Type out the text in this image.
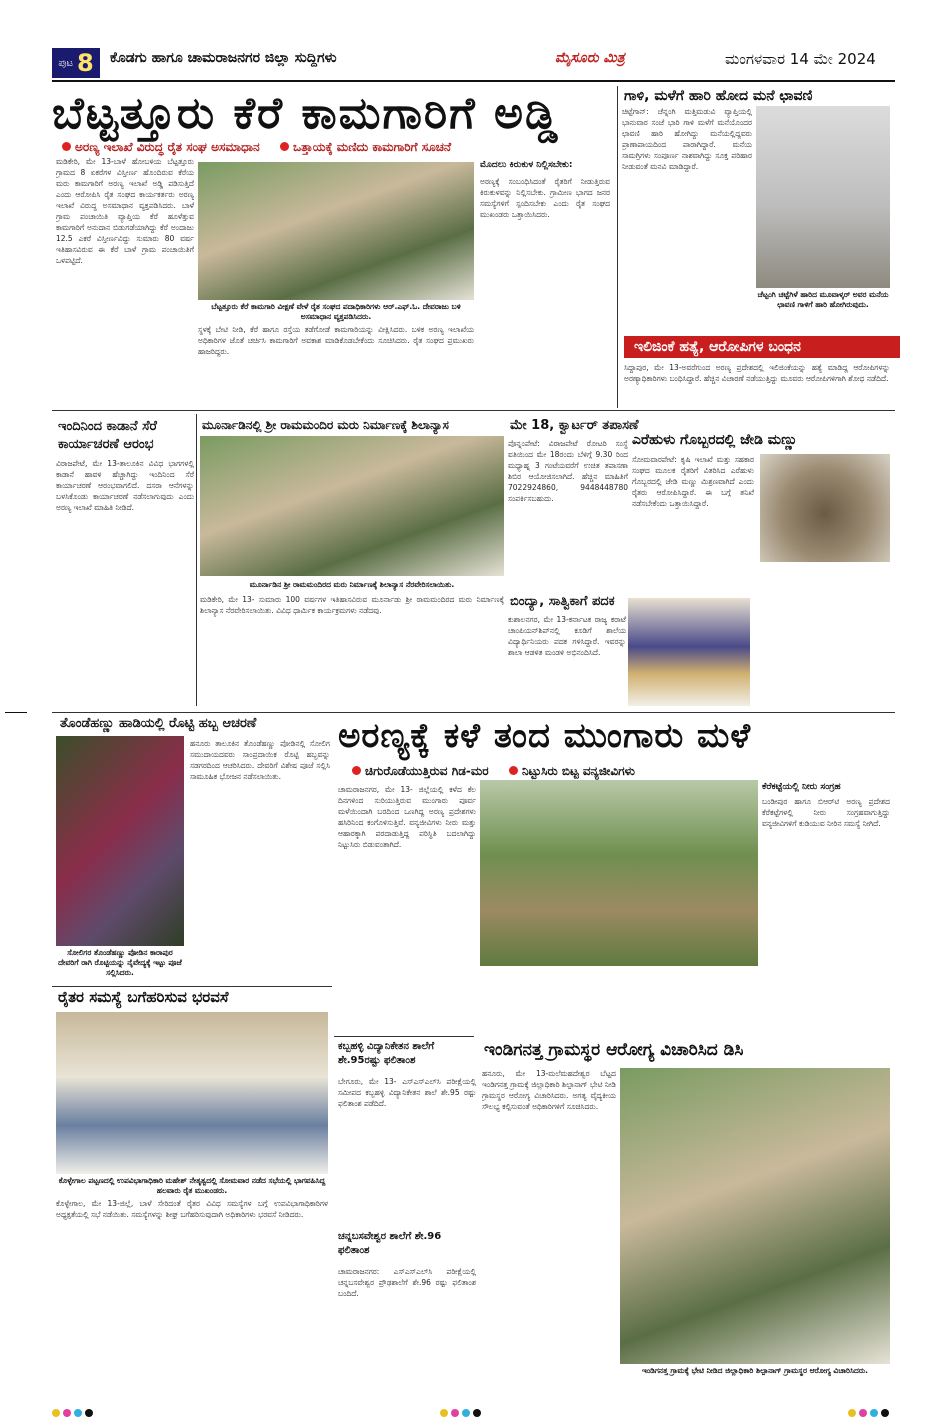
ಪುಟ 8 ಕೊಡಗು ಹಾಗೂ ಚಾಮರಾಜನಗರ ಜಿಲ್ಲಾ ಸುದ್ದಿಗಳು	ಮೈಸೂರು ಮಿತ್ರ	ಮಂಗಳವಾರ 14 ಮೇ 2024
ಬೆಟ್ಟತ್ತೂರು ಕೆರೆ ಕಾಮಗಾರಿಗೆ ಅಡ್ಡಿ
ಅರಣ್ಯ ಇಲಾಖೆ ವಿರುದ್ಧ ರೈತ ಸಂಘ ಅಸಮಾಧಾನ	ಒತ್ತಾಯಕ್ಕೆ ಮಣಿದು ಕಾಮಗಾರಿಗೆ ಸೂಚನೆ
ಮಡಿಕೇರಿ, ಮೇ 13-ಬಾಳೆ ಹೋಬಳಿಯ ಬೆಟ್ಟತ್ತೂರು ಗ್ರಾಮದ 8 ಏಕರೆಗಳ ವಿಸ್ತೀರ್ಣ ಹೊಂದಿರುವ ಕೆರೆಯ ಮರು ಕಾಮಗಾರಿಗೆ ಅರಣ್ಯ ಇಲಾಖೆ ಅಡ್ಡಿ ಪಡಿಸುತ್ತಿದೆ ಎಂದು ಆರೋಪಿಸಿ ರೈತ ಸಂಘದ ಕಾರ್ಯಕರ್ತರು ಅರಣ್ಯ ಇಲಾಖೆ ವಿರುದ್ಧ ಅಸಮಾಧಾನ ವ್ಯಕ್ತಪಡಿಸಿದರು. ಬಾಳೆ ಗ್ರಾಮ ಪಂಚಾಯಿತಿ ವ್ಯಾಪ್ತಿಯ ಕೆರೆ ಹೂಳೆತ್ತುವ ಕಾಮಗಾರಿಗೆ ಅನುದಾನ ಬಿಡುಗಡೆಯಾಗಿದ್ದು ಕೆರೆ ಅಂದಾಜು 12.5 ಎಕರೆ ವಿಸ್ತೀರ್ಣವಿದ್ದು ಸುಮಾರು 80 ವರ್ಷ ಇತಿಹಾಸವಿರುವ ಈ ಕೆರೆ ಬಾಳೆ ಗ್ರಾಮ ಪಂಚಾಯಿತಿಗೆ ಒಳಪಟ್ಟಿದೆ.
ಬೆಟ್ಟತ್ತೂರು ಕೆರೆ ಕಾಮಗಾರಿ ವೀಕ್ಷಣೆ ವೇಳೆ ರೈತ ಸಂಘದ ಪದಾಧಿಕಾರಿಗಳು ಆರ್.ಎಫ್.ಓ. ದೇವರಾಜು ಬಳಿ ಅಸಮಾಧಾನ ವ್ಯಕ್ತಪಡಿಸಿದರು.
ಸ್ಥಳಕ್ಕೆ ಬೇಟಿ ನೀಡಿ, ಕೆರೆ ಹಾಗೂ ರಸ್ತೆಯ ತಡೆಗೋಡೆ ಕಾಮಗಾರಿಯನ್ನು ವೀಕ್ಷಿಸಿದರು. ಬಳಿಕ ಅರಣ್ಯ ಇಲಾಖೆಯ ಅಧಿಕಾರಿಗಳ ಜೊತೆ ಚರ್ಚಿಸಿ ಕಾಮಗಾರಿಗೆ ಅವಕಾಶ ಮಾಡಿಕೊಡಬೇಕೆಂದು ಸೂಚಿಸಿದರು. ರೈತ ಸಂಘದ ಪ್ರಮುಖರು ಹಾಜರಿದ್ದರು.
ಮೊದಲು ಕಿರುಕುಳ ನಿಲ್ಲಿಸಬೇಕು:
ಅರಣ್ಯಕ್ಕೆ ಸಂಬಂಧಿಸಿದಂತೆ ರೈತರಿಗೆ ನೀಡುತ್ತಿರುವ ಕಿರುಕುಳವನ್ನು ನಿಲ್ಲಿಸಬೇಕು. ಗ್ರಾಮೀಣ ಭಾಗದ ಜನರ ಸಮಸ್ಯೆಗಳಿಗೆ ಸ್ಪಂದಿಸಬೇಕು ಎಂದು ರೈತ ಸಂಘದ ಮುಖಂಡರು ಒತ್ತಾಯಿಸಿದರು.
ಗಾಳಿ, ಮಳೆಗೆ ಹಾರಿ ಹೋದ ಮನೆ ಛಾವಣಿ
ಚಿಟ್ಟೆಗಾನ್: ಚೆನ್ನಂಗಿ ಮತ್ತಿಮಡುವಿ ವ್ಯಾಪ್ತಿಯಲ್ಲಿ ಭಾನುವಾರ ಸಂಜೆ ಭಾರಿ ಗಾಳಿ ಮಳೆಗೆ ಮನೆಯೊಂದರ ಛಾವಣಿ ಹಾರಿ ಹೋಗಿದ್ದು ಮನೆಯಲ್ಲಿದ್ದವರು ಪ್ರಾಣಾಪಾಯದಿಂದ ಪಾರಾಗಿದ್ದಾರೆ. ಮನೆಯ ಸಾಮಗ್ರಿಗಳು ಸಂಪೂರ್ಣ ನಾಶವಾಗಿದ್ದು ಸೂಕ್ತ ಪರಿಹಾರ ನೀಡುವಂತೆ ಮನವಿ ಮಾಡಿದ್ದಾರೆ.
ಚೆಟ್ಟಂಗಿ ಚಟ್ಟೆಗಿಳೆ ಹಾರಿದ ಮೂವಾಳ್ಕರ್ ಅವರ ಮನೆಯ ಛಾವಣಿ ಗಾಳಿಗೆ ಹಾರಿ ಹೋಗಿರುವುದು.
ಇಲಿಜಿಂಕೆ ಹತ್ಯೆ, ಆರೋಪಿಗಳ ಬಂಧನ
ಸಿದ್ದಾಪುರ, ಮೇ 13-ಅವರೆಗುಂದ ಅರಣ್ಯ ಪ್ರದೇಶದಲ್ಲಿ ಇಲಿಜಿಂಕೆಯನ್ನು ಹತ್ಯೆ ಮಾಡಿದ್ದ ಆರೋಪಿಗಳನ್ನು ಅರಣ್ಯಾಧಿಕಾರಿಗಳು ಬಂಧಿಸಿದ್ದಾರೆ. ಹೆಚ್ಚಿನ ವಿಚಾರಣೆ ನಡೆಯುತ್ತಿದ್ದು ಮೂವರು ಆರೋಪಿಗಳಿಗಾಗಿ ಶೋಧ ನಡೆದಿದೆ.
ಇಂದಿನಿಂದ ಕಾಡಾನೆ ಸೆರೆ ಕಾರ್ಯಾಚರಣೆ ಆರಂಭ
ವಿರಾಜಪೇಟೆ, ಮೇ 13-ತಾಲೂಕಿನ ವಿವಿಧ ಭಾಗಗಳಲ್ಲಿ ಕಾಡಾನೆ ಹಾವಳಿ ಹೆಚ್ಚಾಗಿದ್ದು ಇಂದಿನಿಂದ ಸೆರೆ ಕಾರ್ಯಾಚರಣೆ ಆರಂಭವಾಗಲಿದೆ. ದಸರಾ ಆನೆಗಳನ್ನು ಬಳಸಿಕೊಂಡು ಕಾರ್ಯಾಚರಣೆ ನಡೆಸಲಾಗುವುದು ಎಂದು ಅರಣ್ಯ ಇಲಾಖೆ ಮಾಹಿತಿ ನೀಡಿದೆ.
ಮೂರ್ನಾಡಿನಲ್ಲಿ ಶ್ರೀ ರಾಮಮಂದಿರ ಮರು ನಿರ್ಮಾಣಕ್ಕೆ ಶಿಲಾನ್ಯಾಸ
ಮೂರ್ನಾಡಿನ ಶ್ರೀ ರಾಮಮಂದಿರದ ಮರು ನಿರ್ಮಾಣಕ್ಕೆ ಶಿಲಾನ್ಯಾಸ ನೆರವೇರಿಸಲಾಯಿತು.
ಮಡಿಕೇರಿ, ಮೇ 13- ಸುಮಾರು 100 ವರ್ಷಗಳ ಇತಿಹಾಸವಿರುವ ಮೂರ್ನಾಡು ಶ್ರೀ ರಾಮಮಂದಿರದ ಮರು ನಿರ್ಮಾಣಕ್ಕೆ ಶಿಲಾನ್ಯಾಸ ನೆರವೇರಿಸಲಾಯಿತು. ವಿವಿಧ ಧಾರ್ಮಿಕ ಕಾರ್ಯಕ್ರಮಗಳು ನಡೆದವು.
ಮೇ 18, ಕ್ವಾರ್ಟರ್ ತಪಾಸಣೆ
ಪೊನ್ನಂಪೇಟೆ: ವಿರಾಜಪೇಟೆ ರೋಟರಿ ಸಂಸ್ಥೆ ವತಿಯಿಂದ ಮೇ 18ರಂದು ಬೆಳಿಗ್ಗೆ 9.30 ರಿಂದ ಮಧ್ಯಾಹ್ನ 3 ಗಂಟೆಯವರೆಗೆ ಉಚಿತ ತಪಾಸಣಾ ಶಿಬಿರ ಆಯೋಜಿಸಲಾಗಿದೆ. ಹೆಚ್ಚಿನ ಮಾಹಿತಿಗೆ 7022924860, 9448448780 ಸಂಪರ್ಕಿಸಬಹುದು.
ಎರೆಹುಳು ಗೊಬ್ಬರದಲ್ಲಿ ಜೇಡಿ ಮಣ್ಣು
ಸೋಮವಾರಪೇಟೆ: ಕೃಷಿ ಇಲಾಖೆ ಮತ್ತು ಸಹಕಾರ ಸಂಘದ ಮೂಲಕ ರೈತರಿಗೆ ವಿತರಿಸಿದ ಎರೆಹುಳು ಗೊಬ್ಬರದಲ್ಲಿ ಜೇಡಿ ಮಣ್ಣು ಮಿಶ್ರಣವಾಗಿದೆ ಎಂದು ರೈತರು ಆರೋಪಿಸಿದ್ದಾರೆ. ಈ ಬಗ್ಗೆ ತನಿಖೆ ನಡೆಸಬೇಕೆಂದು ಒತ್ತಾಯಿಸಿದ್ದಾರೆ.
ಬಿಂದ್ಯಾ, ಸಾತ್ವಿಕಾಗೆ ಪದಕ
ಕುಶಾಲನಗರ, ಮೇ 13-ಕರ್ನಾಟಕ ರಾಜ್ಯ ಕರಾಟೆ ಚಾಂಪಿಯನ್‌ಶಿಪ್‌ನಲ್ಲಿ ಕೂಡಿಗೆ ಶಾಲೆಯ ವಿದ್ಯಾರ್ಥಿನಿಯರು ಪದಕ ಗಳಿಸಿದ್ದಾರೆ. ಇವರನ್ನು ಶಾಲಾ ಆಡಳಿತ ಮಂಡಳಿ ಅಭಿನಂದಿಸಿದೆ.
ತೊಂಡೆಹಣ್ಣು ಹಾಡಿಯಲ್ಲಿ ರೊಟ್ಟಿ ಹಬ್ಬ ಆಚರಣೆ
ಸೋಲಿಗರ ತೊಂಡೆಹಣ್ಣು ಪೋಡಿನ ಕಾರಾಪುರ ದೇವರಿಗೆ ರಾಗಿ ರೊಟ್ಟಿಯನ್ನು ನೈವೇದ್ಯಕ್ಕೆ ಇಟ್ಟು ಪೂಜೆ ಸಲ್ಲಿಸಿದರು.
ಹನೂರು ತಾಲೂಕಿನ ತೊಂಡೆಹಣ್ಣು ಪೋಡಿನಲ್ಲಿ ಸೋಲಿಗ ಸಮುದಾಯದವರು ಸಾಂಪ್ರದಾಯಿಕ ರೊಟ್ಟಿ ಹಬ್ಬವನ್ನು ಸಡಗರದಿಂದ ಆಚರಿಸಿದರು. ದೇವರಿಗೆ ವಿಶೇಷ ಪೂಜೆ ಸಲ್ಲಿಸಿ ಸಾಮೂಹಿಕ ಭೋಜನ ನಡೆಸಲಾಯಿತು.
ಅರಣ್ಯಕ್ಕೆ ಕಳೆ ತಂದ ಮುಂಗಾರು ಮಳೆ
ಚಿಗುರೊಡೆಯುತ್ತಿರುವ ಗಿಡ-ಮರ	ನಿಟ್ಟುಸಿರು ಬಿಟ್ಟ ವನ್ಯಜೀವಿಗಳು
ಚಾಮರಾಜನಗರ, ಮೇ 13- ಜಿಲ್ಲೆಯಲ್ಲಿ ಕಳೆದ ಕೆಲ ದಿನಗಳಿಂದ ಸುರಿಯುತ್ತಿರುವ ಮುಂಗಾರು ಪೂರ್ವ ಮಳೆಯಿಂದಾಗಿ ಬರದಿಂದ ಒಣಗಿದ್ದ ಅರಣ್ಯ ಪ್ರದೇಶಗಳು ಹಸಿರಿನಿಂದ ಕಂಗೊಳಿಸುತ್ತಿವೆ. ವನ್ಯಜೀವಿಗಳು ನೀರು ಮತ್ತು ಆಹಾರಕ್ಕಾಗಿ ಪರದಾಡುತ್ತಿದ್ದ ಪರಿಸ್ಥಿತಿ ಬದಲಾಗಿದ್ದು ನಿಟ್ಟುಸಿರು ಬಿಡುವಂತಾಗಿದೆ.
ಕೆರೆಕಟ್ಟೆಯಲ್ಲಿ ನೀರು ಸಂಗ್ರಹ
ಬಂಡೀಪುರ ಹಾಗೂ ಬಿಆರ್‌ಟಿ ಅರಣ್ಯ ಪ್ರದೇಶದ ಕೆರೆಕಟ್ಟೆಗಳಲ್ಲಿ ನೀರು ಸಂಗ್ರಹವಾಗುತ್ತಿದ್ದು ವನ್ಯಜೀವಿಗಳಿಗೆ ಕುಡಿಯುವ ನೀರಿನ ಸಮಸ್ಯೆ ನೀಗಿದೆ.
ರೈತರ ಸಮಸ್ಯೆ ಬಗೆಹರಿಸುವ ಭರವಸೆ
ಕೊಳ್ಳೇಗಾಲ ಪಟ್ಟಣದಲ್ಲಿ ಉಪವಿಭಾಗಾಧಿಕಾರಿ ಮಹೇಶ್ ನೇತೃತ್ವದಲ್ಲಿ ಸೋಮವಾರ ನಡೆದ ಸಭೆಯಲ್ಲಿ ಭಾಗವಹಿಸಿದ್ದ ಹಲವಾರು ರೈತ ಮುಖಂಡರು.
ಕೊಳ್ಳೇಗಾಲ, ಮೇ 13-ಜಿಲ್ಲೆ, ಬಾಳೆ ಸೇರಿದಂತೆ ರೈತರ ವಿವಿಧ ಸಮಸ್ಯೆಗಳ ಬಗ್ಗೆ ಉಪವಿಭಾಗಾಧಿಕಾರಿಗಳ ಅಧ್ಯಕ್ಷತೆಯಲ್ಲಿ ಸಭೆ ನಡೆಯಿತು. ಸಮಸ್ಯೆಗಳನ್ನು ಶೀಘ್ರ ಬಗೆಹರಿಸುವುದಾಗಿ ಅಧಿಕಾರಿಗಳು ಭರವಸೆ ನೀಡಿದರು.
ಕಬ್ಬಹಳ್ಳಿ ವಿದ್ಯಾನಿಕೇತನ ಶಾಲೆಗೆ ಶೇ.95ರಷ್ಟು ಫಲಿತಾಂಶ
ಬೇಗೂರು, ಮೇ 13- ಎಸ್ಎಸ್ಎಲ್‌ಸಿ ಪರೀಕ್ಷೆಯಲ್ಲಿ ಸಮೀಪದ ಕಬ್ಬಹಳ್ಳಿ ವಿದ್ಯಾನಿಕೇತನ ಶಾಲೆ ಶೇ.95 ರಷ್ಟು ಫಲಿತಾಂಶ ಪಡೆದಿದೆ.
ಚನ್ನಬಸವೇಶ್ವರ ಶಾಲೆಗೆ ಶೇ.96 ಫಲಿತಾಂಶ
ಚಾಮರಾಜನಗರ: ಎಸ್ಎಸ್ಎಲ್‌ಸಿ ಪರೀಕ್ಷೆಯಲ್ಲಿ ಚನ್ನಬಸವೇಶ್ವರ ಪ್ರೌಢಶಾಲೆಗೆ ಶೇ.96 ರಷ್ಟು ಫಲಿತಾಂಶ ಬಂದಿದೆ.
ಇಂಡಿಗನತ್ತ ಗ್ರಾಮಸ್ಥರ ಆರೋಗ್ಯ ವಿಚಾರಿಸಿದ ಡಿಸಿ
ಹನೂರು, ಮೇ 13-ಮಲೆಮಹದೇಶ್ವರ ಬೆಟ್ಟದ ಇಂಡಿಗನತ್ತ ಗ್ರಾಮಕ್ಕೆ ಜಿಲ್ಲಾಧಿಕಾರಿ ಶಿಲ್ಪಾನಾಗ್ ಭೇಟಿ ನೀಡಿ ಗ್ರಾಮಸ್ಥರ ಆರೋಗ್ಯ ವಿಚಾರಿಸಿದರು. ಅಗತ್ಯ ವೈದ್ಯಕೀಯ ಸೌಲಭ್ಯ ಕಲ್ಪಿಸುವಂತೆ ಅಧಿಕಾರಿಗಳಿಗೆ ಸೂಚಿಸಿದರು.
ಇಂಡಿಗನತ್ತ ಗ್ರಾಮಕ್ಕೆ ಭೇಟಿ ನೀಡಿದ ಜಿಲ್ಲಾಧಿಕಾರಿ ಶಿಲ್ಪಾನಾಗ್ ಗ್ರಾಮಸ್ಥರ ಆರೋಗ್ಯ ವಿಚಾರಿಸಿದರು.
